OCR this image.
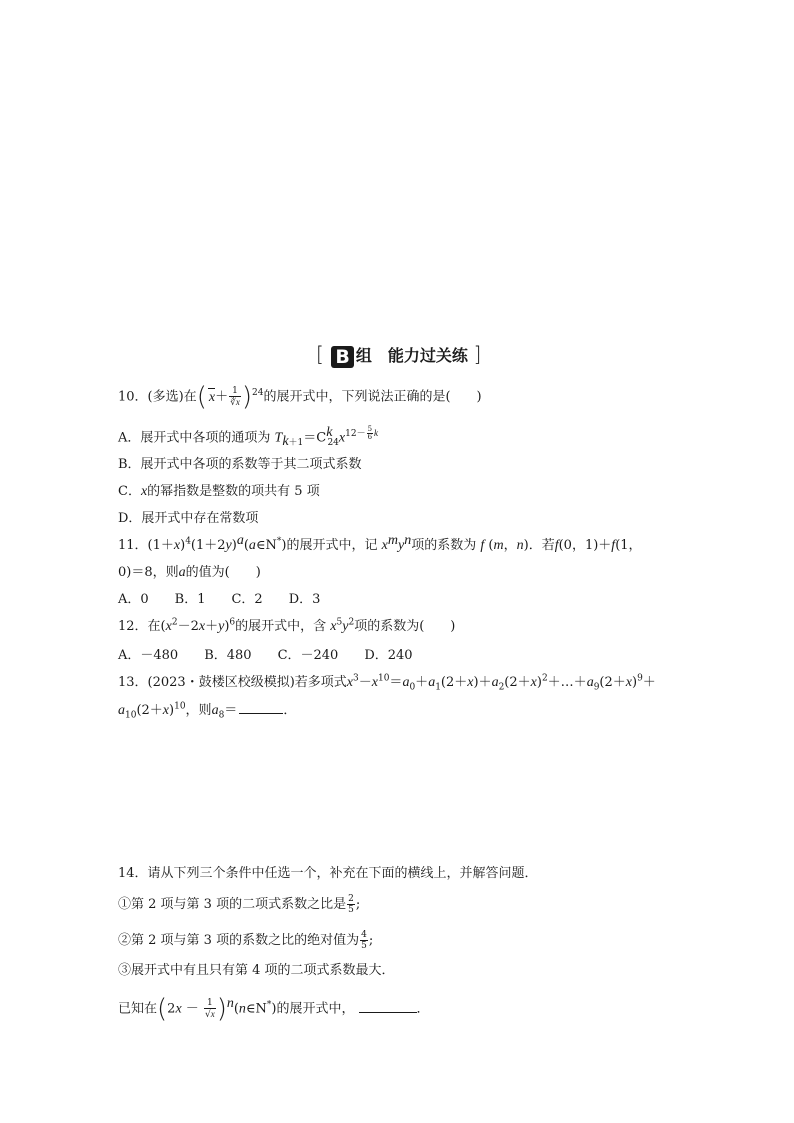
[ B 组　能力过关练 ]
10．(多选)在( $x+ \frac{1}{∛x} )^{24}$的展开式中，下列说法正确的是(　　)
A．展开式中各项的通项为 $T_{k+1}=C^k_{24}x^{12- \frac{5}{6} k}$
B．展开式中各项的系数等于其二项式系数
C．x的幂指数是整数的项共有 5 项
D．展开式中存在常数项
11．$(1+x)^4(1+2y)^a(a\in N^*)$的展开式中，记 $x^my^n$项的系数为 f (m，n)．若f(0，1)＋f(1，
0)＝8，则a的值为(　　)
A．0　　B．1　　C．2　　D．3
12．在$(x^2-2x+y)^6$的展开式中，含 $x^5y^2$项的系数为(　　)
A．－480　　B．480　　C．－240　　D．240
13．(2023・鼓楼区校级模拟)若多项式$x^3-x^{10}=a_0+a_1(2+x)+a_2(2+x)^2+\dots+a_9(2+x)^9+$
$a_{10}(2+x)^{10}$，则$a_8=$	．
14．请从下列三个条件中任选一个，补充在下面的横线上，并解答问题．
①第 2 项与第 3 项的二项式系数之比是 $\frac{2}{5}$ ;
②第 2 项与第 3 项的系数之比的绝对值为 $\frac{4}{5}$ ;
③展开式中有且只有第 4 项的二项式系数最大．
已知在($2x - \frac{1}{√x}$ )$^n(n\in N^*)$的展开式中，	．
